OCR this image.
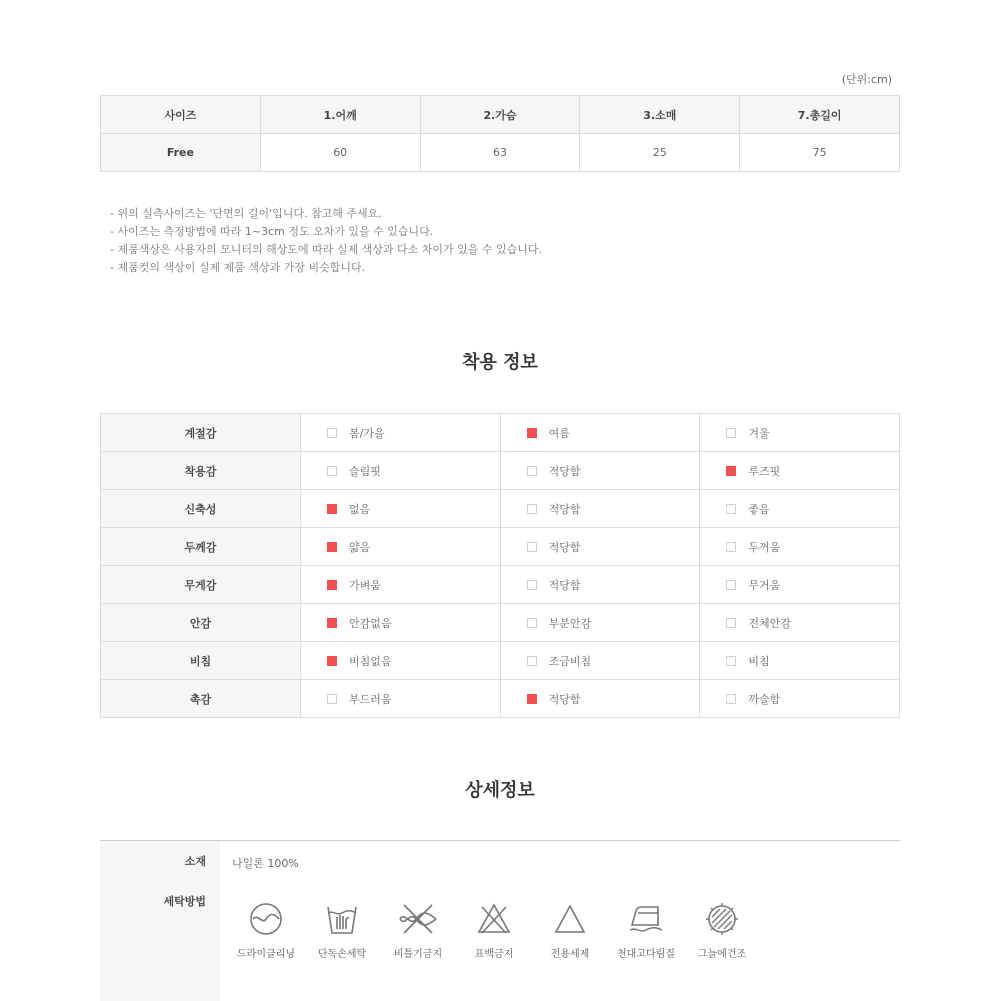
(단위:cm)
사이즈	1.어깨	2.가슴	3.소매	7.총길이
Free	60	63	25	75
- 위의 실측사이즈는 '단면의 길이'입니다. 참고해 주세요.
- 사이즈는 측정방법에 따라 1~3cm 정도 오차가 있을 수 있습니다.
- 제품색상은 사용자의 모니터의 해상도에 따라 실제 색상과 다소 차이가 있을 수 있습니다.
- 제품컷의 색상이 실제 제품 색상과 가장 비슷합니다.
착용 정보
계절감	봄/가을	여름	겨울

착용감	슬림핏	적당함	루즈핏

신축성	없음	적당함	좋음

두께감	얇음	적당함	두꺼움

무게감	가벼움	적당함	무거움

안감	안감없음	부분안감	전체안감

비침	비침없음	조금비침	비침

촉감	부드러움	적당함	까슬함
상세정보
소재 나일론 100%
세탁방법
드라이클리닝	단독손세탁	비틀기금지	표백금지	전용세제	천대고다림질	그늘에건조
